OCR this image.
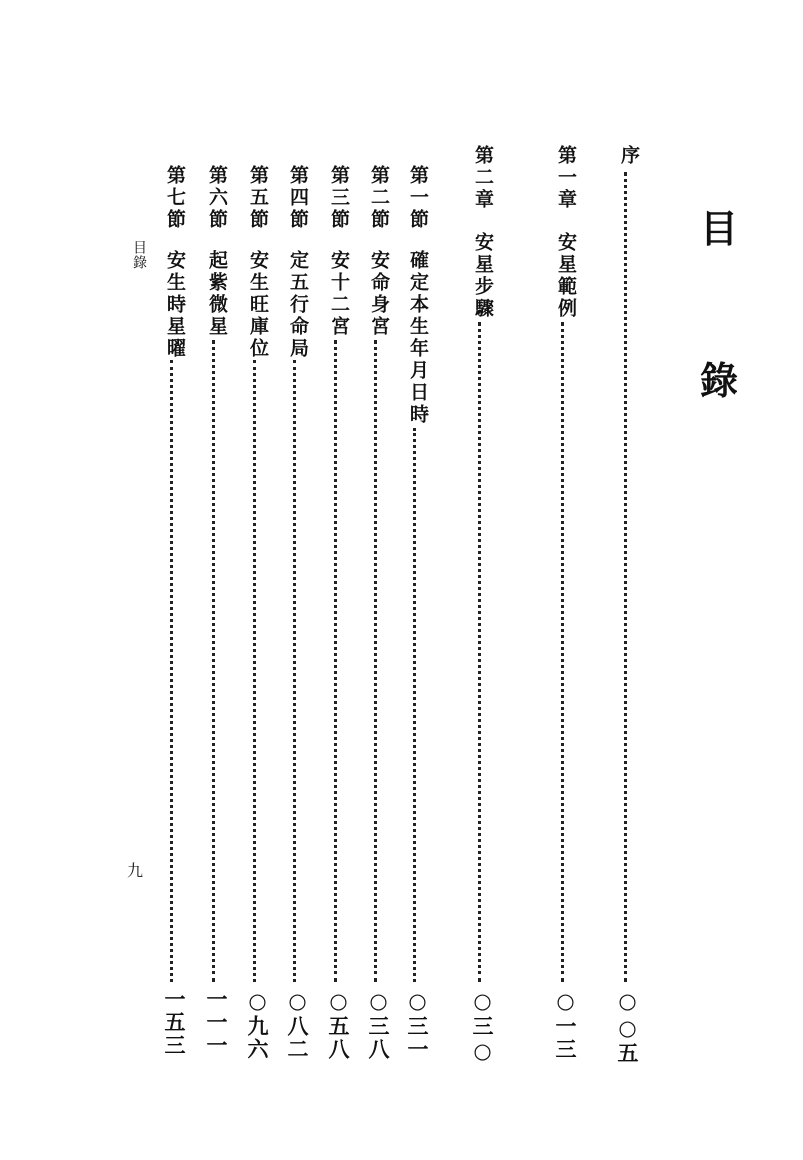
目
錄
序
○○五
第一章
安星範例
○一三
第二章
安星步驟
○三○
第一節
確定本生年月日時
○三一
第二節
安命身宮
○三八
第三節
安十二宮
○五八
第四節
定五行命局
○八二
第五節
安生旺庫位
○九六
第六節
起紫微星
一一一
第七節
安生時星曜
一五三
目錄
九
